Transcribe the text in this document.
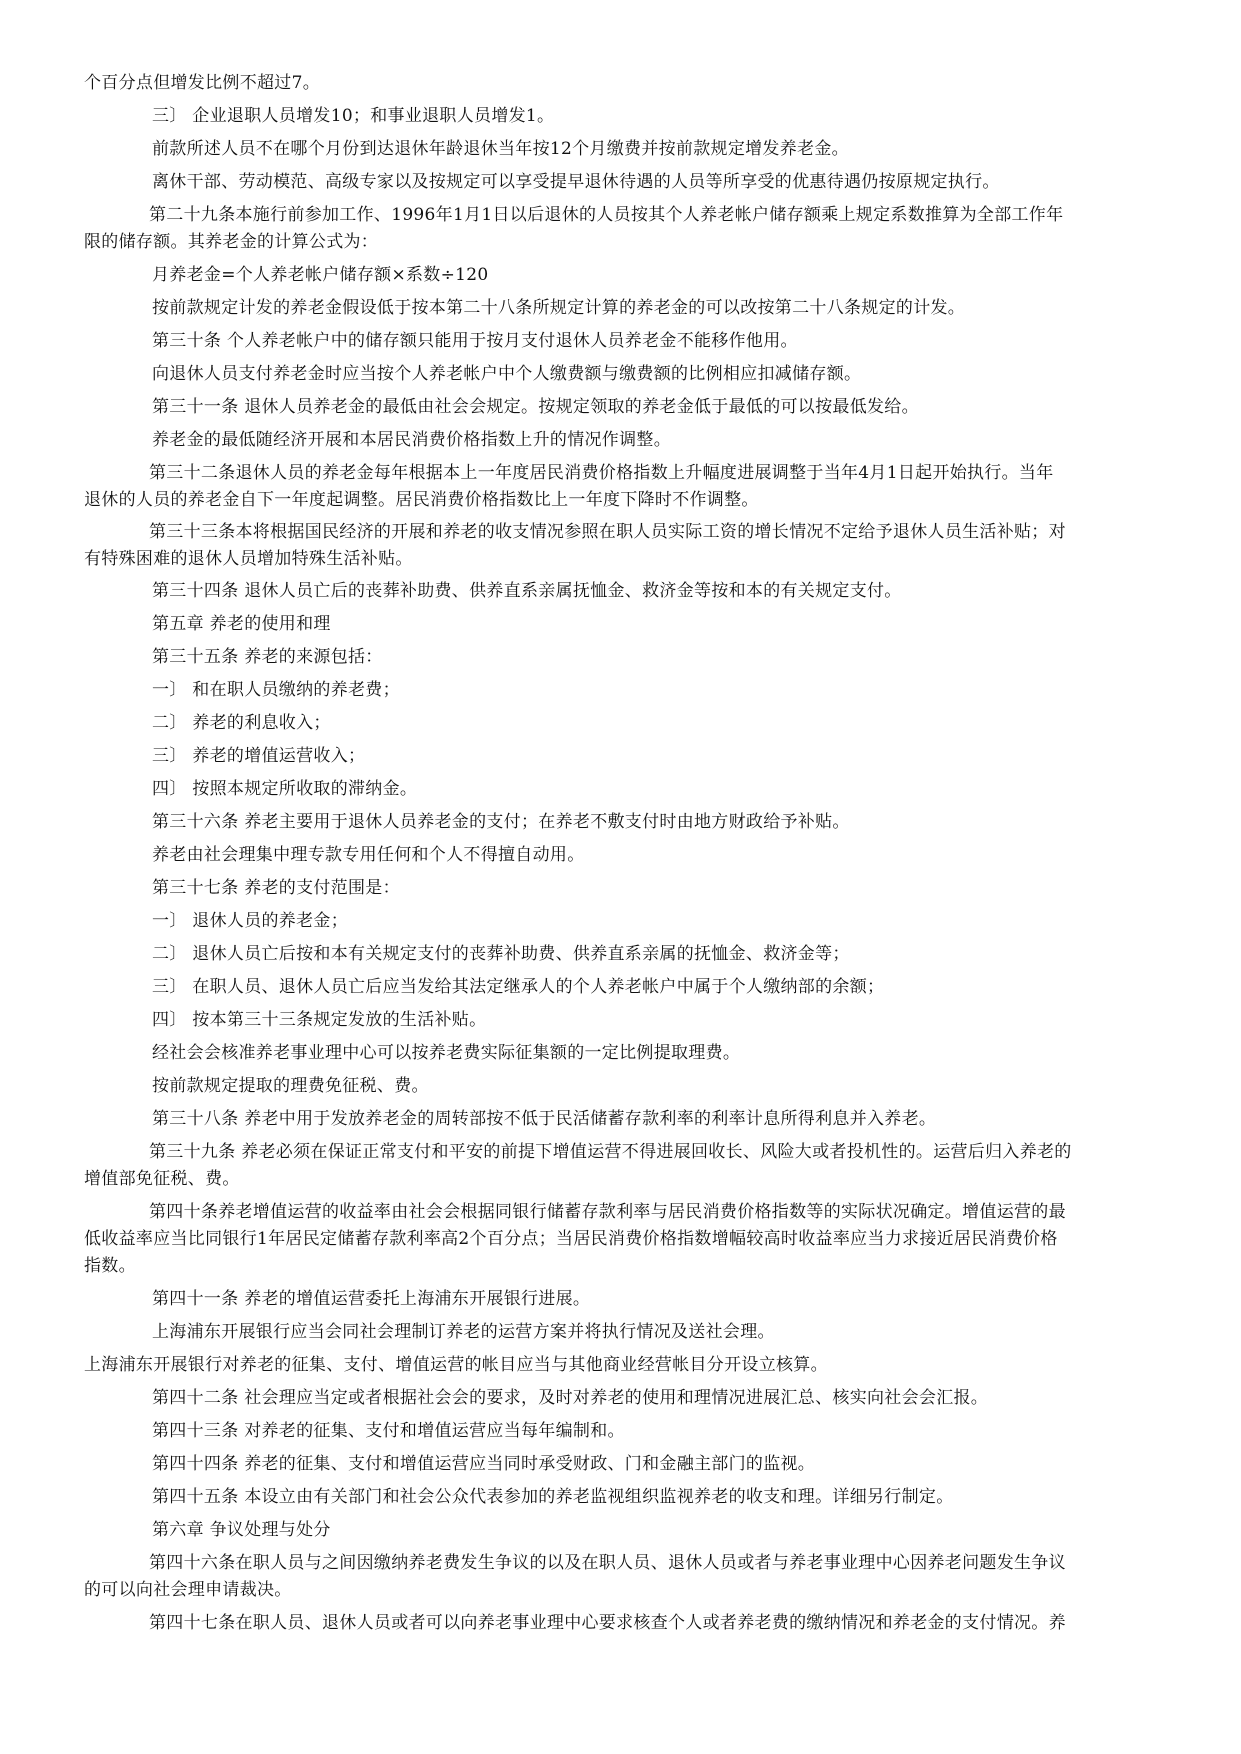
个百分点但增发比例不超过7。
三〕 企业退职人员增发10；和事业退职人员增发1。
前款所述人员不在哪个月份到达退休年龄退休当年按12个月缴费并按前款规定增发养老金。
离休干部、劳动模范、高级专家以及按规定可以享受提早退休待遇的人员等所享受的优惠待遇仍按原规定执行。
第二十九条本施行前参加工作、1996年1月1日以后退休的人员按其个人养老帐户储存额乘上规定系数推算为全部工作年
限的储存额。其养老金的计算公式为：
月养老金=个人养老帐户储存额×系数÷120
按前款规定计发的养老金假设低于按本第二十八条所规定计算的养老金的可以改按第二十八条规定的计发。
第三十条 个人养老帐户中的储存额只能用于按月支付退休人员养老金不能移作他用。
向退休人员支付养老金时应当按个人养老帐户中个人缴费额与缴费额的比例相应扣减储存额。
第三十一条 退休人员养老金的最低由社会会规定。按规定领取的养老金低于最低的可以按最低发给。
养老金的最低随经济开展和本居民消费价格指数上升的情况作调整。
第三十二条退休人员的养老金每年根据本上一年度居民消费价格指数上升幅度进展调整于当年4月1日起开始执行。当年
退休的人员的养老金自下一年度起调整。居民消费价格指数比上一年度下降时不作调整。
第三十三条本将根据国民经济的开展和养老的收支情况参照在职人员实际工资的增长情况不定给予退休人员生活补贴；对
有特殊困难的退休人员增加特殊生活补贴。
第三十四条 退休人员亡后的丧葬补助费、供养直系亲属抚恤金、救济金等按和本的有关规定支付。
第五章 养老的使用和理
第三十五条 养老的来源包括：
一〕 和在职人员缴纳的养老费；
二〕 养老的利息收入；
三〕 养老的增值运营收入；
四〕 按照本规定所收取的滞纳金。
第三十六条 养老主要用于退休人员养老金的支付；在养老不敷支付时由地方财政给予补贴。
养老由社会理集中理专款专用任何和个人不得擅自动用。
第三十七条 养老的支付范围是：
一〕 退休人员的养老金；
二〕 退休人员亡后按和本有关规定支付的丧葬补助费、供养直系亲属的抚恤金、救济金等；
三〕 在职人员、退休人员亡后应当发给其法定继承人的个人养老帐户中属于个人缴纳部的余额；
四〕 按本第三十三条规定发放的生活补贴。
经社会会核准养老事业理中心可以按养老费实际征集额的一定比例提取理费。
按前款规定提取的理费免征税、费。
第三十八条 养老中用于发放养老金的周转部按不低于民活储蓄存款利率的利率计息所得利息并入养老。
第三十九条 养老必须在保证正常支付和平安的前提下增值运营不得进展回收长、风险大或者投机性的。运营后归入养老的
增值部免征税、费。
第四十条养老增值运营的收益率由社会会根据同银行储蓄存款利率与居民消费价格指数等的实际状况确定。增值运营的最
低收益率应当比同银行1年居民定储蓄存款利率高2个百分点；当居民消费价格指数增幅较高时收益率应当力求接近居民消费价格
指数。
第四十一条 养老的增值运营委托上海浦东开展银行进展。
上海浦东开展银行应当会同社会理制订养老的运营方案并将执行情况及送社会理。
上海浦东开展银行对养老的征集、支付、增值运营的帐目应当与其他商业经营帐目分开设立核算。
第四十二条 社会理应当定或者根据社会会的要求，及时对养老的使用和理情况进展汇总、核实向社会会汇报。
第四十三条 对养老的征集、支付和增值运营应当每年编制和。
第四十四条 养老的征集、支付和增值运营应当同时承受财政、门和金融主部门的监视。
第四十五条 本设立由有关部门和社会公众代表参加的养老监视组织监视养老的收支和理。详细另行制定。
第六章 争议处理与处分
第四十六条在职人员与之间因缴纳养老费发生争议的以及在职人员、退休人员或者与养老事业理中心因养老问题发生争议
的可以向社会理申请裁决。
第四十七条在职人员、退休人员或者可以向养老事业理中心要求核查个人或者养老费的缴纳情况和养老金的支付情况。养
